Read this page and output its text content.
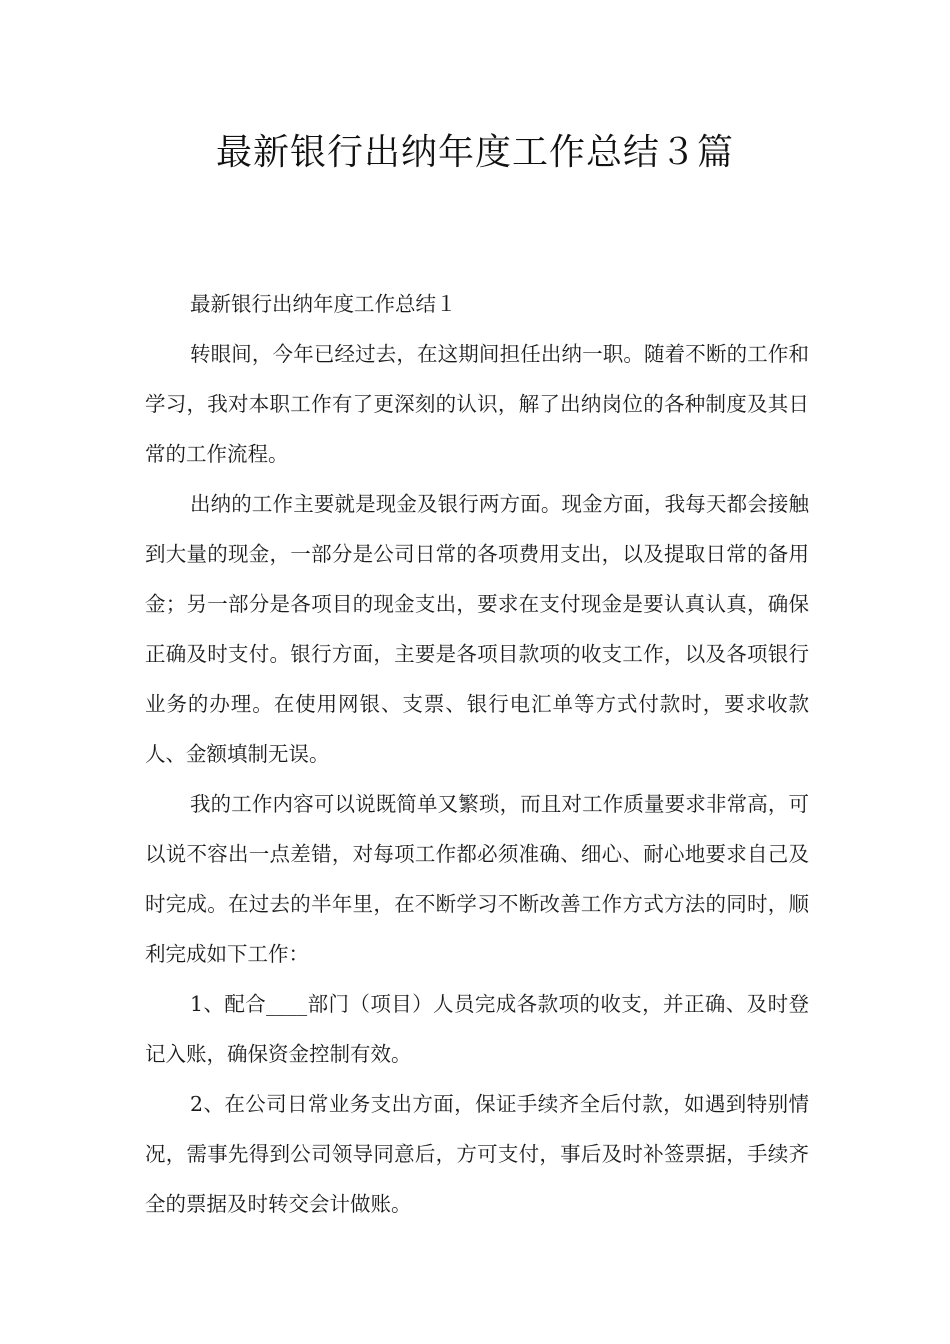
最新银行出纳年度工作总结３篇

最新银行出纳年度工作总结１

转眼间，今年已经过去，在这期间担任出纳一职。随着不断的工作和学习，我对本职工作有了更深刻的认识，解了出纳岗位的各种制度及其日常的工作流程。

出纳的工作主要就是现金及银行两方面。现金方面，我每天都会接触到大量的现金，一部分是公司日常的各项费用支出，以及提取日常的备用金；另一部分是各项目的现金支出，要求在支付现金是要认真认真，确保正确及时支付。银行方面，主要是各项目款项的收支工作，以及各项银行业务的办理。在使用网银、支票、银行电汇单等方式付款时，要求收款人、金额填制无误。

我的工作内容可以说既简单又繁琐，而且对工作质量要求非常高，可以说不容出一点差错，对每项工作都必须准确、细心、耐心地要求自己及时完成。在过去的半年里，在不断学习不断改善工作方式方法的同时，顺利完成如下工作：

1、配合____部门（项目）人员完成各款项的收支，并正确、及时登记入账，确保资金控制有效。

2、在公司日常业务支出方面，保证手续齐全后付款，如遇到特别情况，需事先得到公司领导同意后，方可支付，事后及时补签票据，手续齐全的票据及时转交会计做账。
